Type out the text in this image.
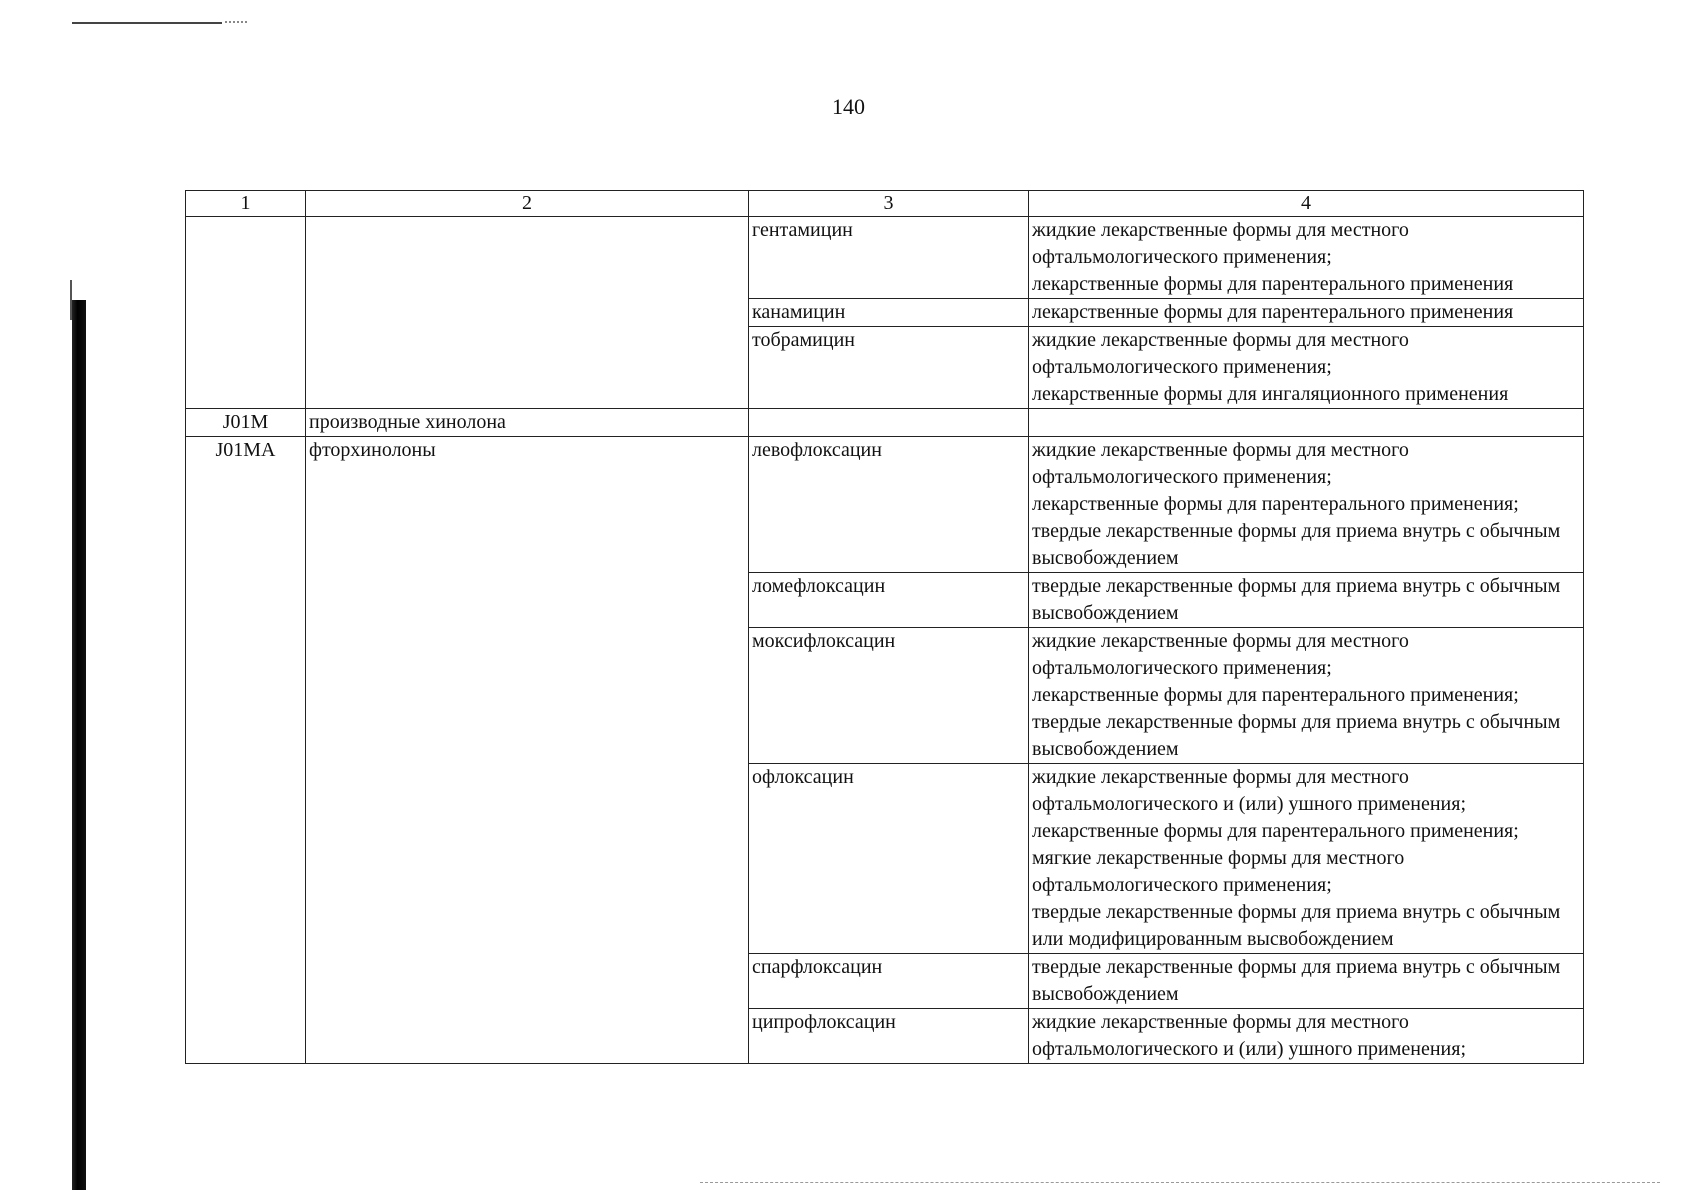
140
1	2	3	4
		гентамицин	жидкие лекарственные формы для местного офтальмологического применения;
лекарственные формы для парентерального применения

		канамицин	лекарственные формы для парентерального применения

		тобрамицин	жидкие лекарственные формы для местного офтальмологического применения;
лекарственные формы для ингаляционного применения

J01M	производные хинолона		

J01MA	фторхинолоны	левофлоксацин	жидкие лекарственные формы для местного офтальмологического применения;
лекарственные формы для парентерального применения;
твердые лекарственные формы для приема внутрь с обычным высвобождением

		ломефлоксацин	твердые лекарственные формы для приема внутрь с обычным высвобождением

		моксифлоксацин	жидкие лекарственные формы для местного офтальмологического применения;
лекарственные формы для парентерального применения;
твердые лекарственные формы для приема внутрь с обычным высвобождением

		офлоксацин	жидкие лекарственные формы для местного офтальмологического и (или) ушного применения;
лекарственные формы для парентерального применения;
мягкие лекарственные формы для местного офтальмологического применения;
твердые лекарственные формы для приема внутрь с обычным или модифицированным высвобождением

		спарфлоксацин	твердые лекарственные формы для приема внутрь с обычным высвобождением

		ципрофлоксацин	жидкие лекарственные формы для местного офтальмологического и (или) ушного применения;
